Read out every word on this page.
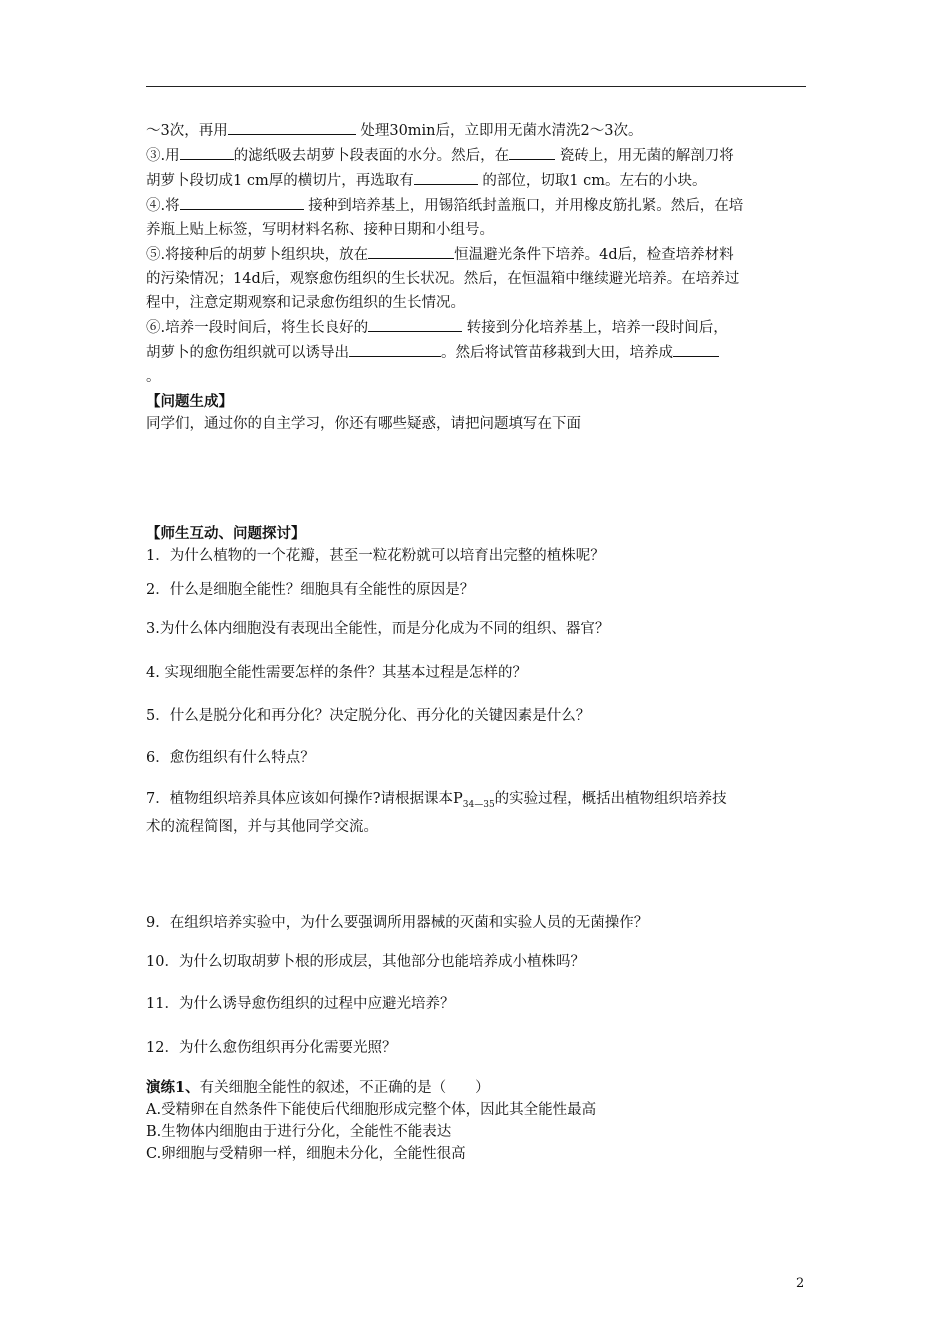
～3次，再用	处理30min后，立即用无菌水清洗2～3次。
③.用	的滤纸吸去胡萝卜段表面的水分。然后，在	瓷砖上，用无菌的解剖刀将
胡萝卜段切成1 cm厚的横切片，再选取有	的部位，切取1 cm。左右的小块。
④.将	接种到培养基上，用锡箔纸封盖瓶口，并用橡皮筋扎紧。然后，在培
养瓶上贴上标签，写明材料名称、接种日期和小组号。
⑤.将接种后的胡萝卜组织块，放在	恒温避光条件下培养。4d后，检查培养材料
的污染情况；14d后，观察愈伤组织的生长状况。然后，在恒温箱中继续避光培养。在培养过
程中，注意定期观察和记录愈伤组织的生长情况。
⑥.培养一段时间后，将生长良好的	转接到分化培养基上，培养一段时间后，
胡萝卜的愈伤组织就可以诱导出	。然后将试管苗移栽到大田，培养成
。
【问题生成】
同学们，通过你的自主学习，你还有哪些疑惑，请把问题填写在下面
【师生互动、问题探讨】
1．为什么植物的一个花瓣，甚至一粒花粉就可以培育出完整的植株呢？
2．什么是细胞全能性？细胞具有全能性的原因是？
3.为什么体内细胞没有表现出全能性，而是分化成为不同的组织、器官？
4. 实现细胞全能性需要怎样的条件？其基本过程是怎样的？
5．什么是脱分化和再分化？决定脱分化、再分化的关键因素是什么？
6．愈伤组织有什么特点？
7．植物组织培养具体应该如何操作?请根据课本$P_{34—35}$的实验过程，概括出植物组织培养技
术的流程简图，并与其他同学交流。
9．在组织培养实验中，为什么要强调所用器械的灭菌和实验人员的无菌操作？
10．为什么切取胡萝卜根的形成层，其他部分也能培养成小植株吗？
11．为什么诱导愈伤组织的过程中应避光培养？
12．为什么愈伤组织再分化需要光照？
演练1、有关细胞全能性的叙述，不正确的是（　　）
A.受精卵在自然条件下能使后代细胞形成完整个体，因此其全能性最高
B.生物体内细胞由于进行分化，全能性不能表达
C.卵细胞与受精卵一样，细胞未分化，全能性很高
2
